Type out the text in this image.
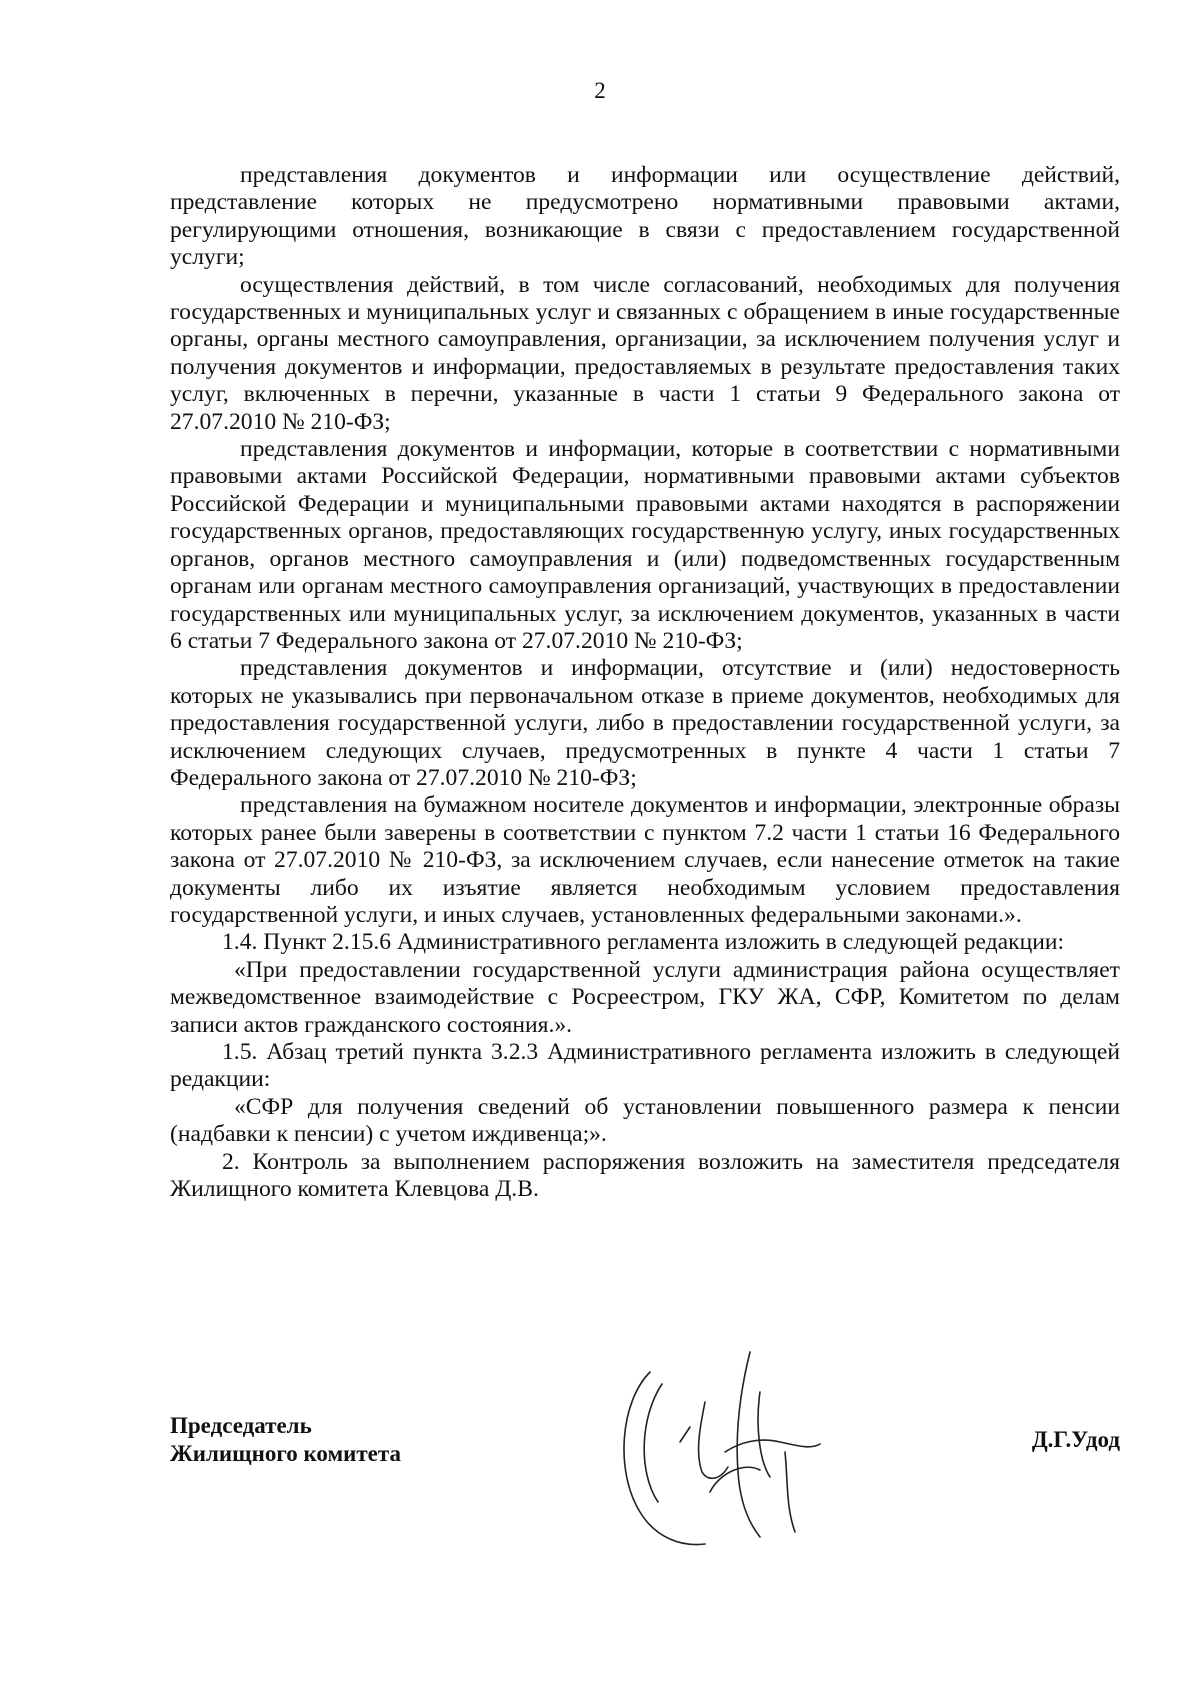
2

представления документов и информации или осуществление действий, представление которых не предусмотрено нормативными правовыми актами, регулирующими отношения, возникающие в связи с предоставлением государственной услуги;

осуществления действий, в том числе согласований, необходимых для получения государственных и муниципальных услуг и связанных с обращением в иные государственные органы, органы местного самоуправления, организации, за исключением получения услуг и получения документов и информации, предоставляемых в результате предоставления таких услуг, включенных в перечни, указанные в части 1 статьи 9 Федерального закона от 27.07.2010 № 210-ФЗ;

представления документов и информации, которые в соответствии с нормативными правовыми актами Российской Федерации, нормативными правовыми актами субъектов Российской Федерации и муниципальными правовыми актами находятся в распоряжении государственных органов, предоставляющих государственную услугу, иных государственных органов, органов местного самоуправления и (или) подведомственных государственным органам или органам местного самоуправления организаций, участвующих в предоставлении государственных или муниципальных услуг, за исключением документов, указанных в части 6 статьи 7 Федерального закона от 27.07.2010 № 210-ФЗ;

представления документов и информации, отсутствие и (или) недостоверность которых не указывались при первоначальном отказе в приеме документов, необходимых для предоставления государственной услуги, либо в предоставлении государственной услуги, за исключением следующих случаев, предусмотренных в пункте 4 части 1 статьи 7 Федерального закона от 27.07.2010 № 210-ФЗ;

представления на бумажном носителе документов и информации, электронные образы которых ранее были заверены в соответствии с пунктом 7.2 части 1 статьи 16 Федерального закона от 27.07.2010 № 210-ФЗ, за исключением случаев, если нанесение отметок на такие документы либо их изъятие является необходимым условием предоставления государственной услуги, и иных случаев, установленных федеральными законами.».

1.4. Пункт 2.15.6 Административного регламента изложить в следующей редакции:

«При предоставлении государственной услуги администрация района осуществляет межведомственное взаимодействие с Росреестром, ГКУ ЖА, СФР, Комитетом по делам записи актов гражданского состояния.».

1.5. Абзац третий пункта 3.2.3 Административного регламента изложить в следующей редакции:

«СФР для получения сведений об установлении повышенного размера к пенсии (надбавки к пенсии) с учетом иждивенца;».

2. Контроль за выполнением распоряжения возложить на заместителя председателя Жилищного комитета Клевцова Д.В.

Председатель
Жилищного комитета
Д.Г.Удод
